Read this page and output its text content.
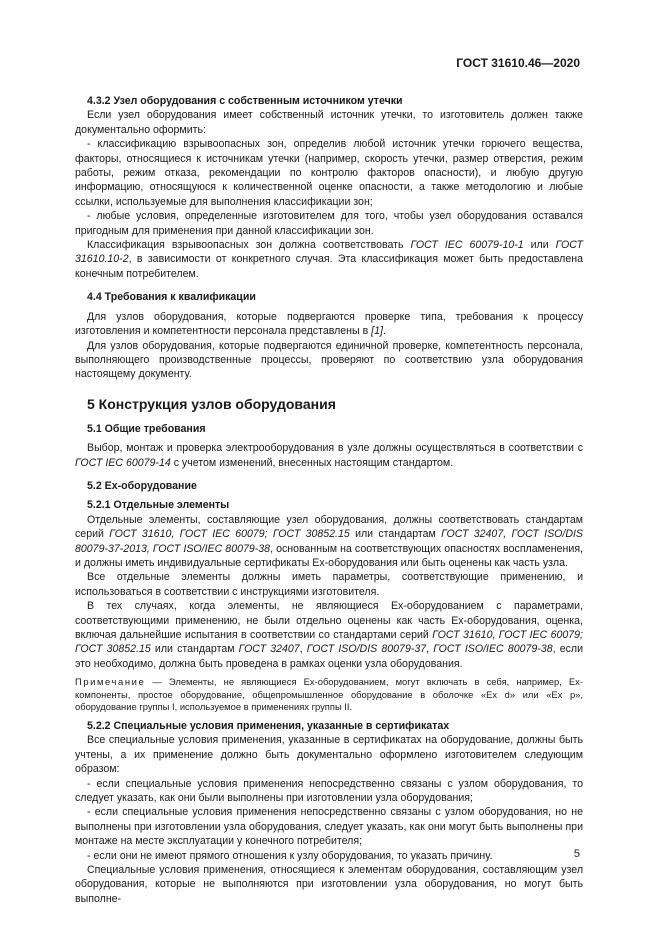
ГОСТ 31610.46—2020

4.3.2 Узел оборудования с собственным источником утечки

Если узел оборудования имеет собственный источник утечки, то изготовитель должен также документально оформить:

- классификацию взрывоопасных зон, определив любой источник утечки горючего вещества, факторы, относящиеся к источникам утечки (например, скорость утечки, размер отверстия, режим работы, режим отказа, рекомендации по контролю факторов опасности), и любую другую информацию, относящуюся к количественной оценке опасности, а также методологию и любые ссылки, используемые для выполнения классификации зон;

- любые условия, определенные изготовителем для того, чтобы узел оборудования оставался пригодным для применения при данной классификации зон.

Классификация взрывоопасных зон должна соответствовать ГОСТ IEC 60079-10-1 или ГОСТ 31610.10-2, в зависимости от конкретного случая. Эта классификация может быть предоставлена конечным потребителем.

4.4 Требования к квалификации

Для узлов оборудования, которые подвергаются проверке типа, требования к процессу изготовления и компетентности персонала представлены в [1].

Для узлов оборудования, которые подвергаются единичной проверке, компетентность персонала, выполняющего производственные процессы, проверяют по соответствию узла оборудования настоящему документу.

5 Конструкция узлов оборудования

5.1 Общие требования

Выбор, монтаж и проверка электрооборудования в узле должны осуществляться в соответствии с ГОСТ IEC 60079-14 с учетом изменений, внесенных настоящим стандартом.

5.2 Ex-оборудование

5.2.1 Отдельные элементы

Отдельные элементы, составляющие узел оборудования, должны соответствовать стандартам серий ГОСТ 31610, ГОСТ IEC 60079; ГОСТ 30852.15 или стандартам ГОСТ 32407, ГОСТ ISO/DIS 80079-37-2013, ГОСТ ISO/IEC 80079-38, основанным на соответствующих опасностях воспламенения, и должны иметь индивидуальные сертификаты Ex-оборудования или быть оценены как часть узла.

Все отдельные элементы должны иметь параметры, соответствующие применению, и использоваться в соответствии с инструкциями изготовителя.

В тех случаях, когда элементы, не являющиеся Ex-оборудованием с параметрами, соответствующими применению, не были отдельно оценены как часть Ex-оборудования, оценка, включая дальнейшие испытания в соответствии со стандартами серий ГОСТ 31610, ГОСТ IEC 60079; ГОСТ 30852.15 или стандартам ГОСТ 32407, ГОСТ ISO/DIS 80079-37, ГОСТ ISO/IEC 80079-38, если это необходимо, должна быть проведена в рамках оценки узла оборудования.

Примечание — Элементы, не являющиеся Ex-оборудованием, могут включать в себя, например, Ex-компоненты, простое оборудование, общепромышленное оборудование в оболочке «Ex d» или «Ex p», оборудование группы I, используемое в применениях группы II.

5.2.2 Специальные условия применения, указанные в сертификатах

Все специальные условия применения, указанные в сертификатах на оборудование, должны быть учтены, а их применение должно быть документально оформлено изготовителем следующим образом:

- если специальные условия применения непосредственно связаны с узлом оборудования, то следует указать, как они были выполнены при изготовлении узла оборудования;

- если специальные условия применения непосредственно связаны с узлом оборудования, но не выполнены при изготовлении узла оборудования, следует указать, как они могут быть выполнены при монтаже на месте эксплуатации у конечного потребителя;

- если они не имеют прямого отношения к узлу оборудования, то указать причину.

Специальные условия применения, относящиеся к элементам оборудования, составляющим узел оборудования, которые не выполняются при изготовлении узла оборудования, но могут быть выполне-

5
